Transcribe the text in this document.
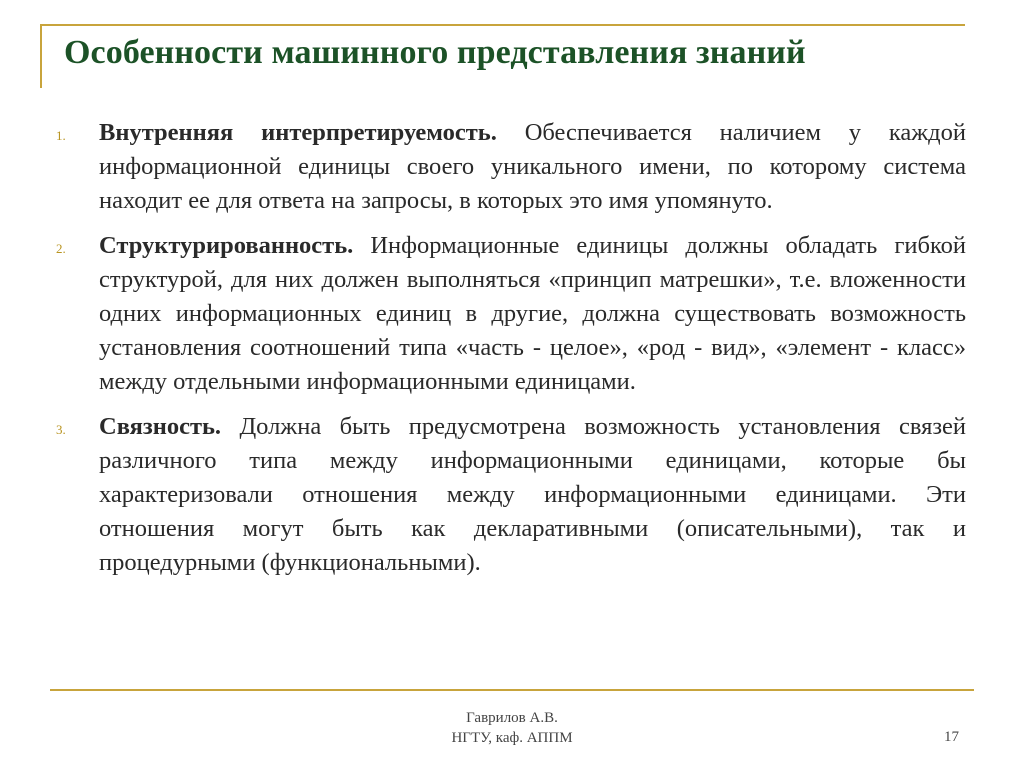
Особенности машинного представления знаний
1. Внутренняя интерпретируемость. Обеспечивается наличием у каждой информационной единицы своего уникального имени, по которому система находит ее для ответа на запросы, в которых это имя упомянуто.
2. Структурированность. Информационные единицы должны обладать гибкой структурой, для них должен выполняться «принцип матрешки», т.е. вложенности одних информационных единиц в другие, должна существовать возможность установления соотношений типа «часть - целое», «род - вид», «элемент - класс» между отдельными информационными единицами.
3. Связность. Должна быть предусмотрена возможность установления связей различного типа между информационными единицами, которые бы характеризовали отношения между информационными единицами. Эти отношения могут быть как декларативными (описательными), так и процедурными (функциональными).
Гаврилов А.В.
НГТУ, каф. АППМ	17
